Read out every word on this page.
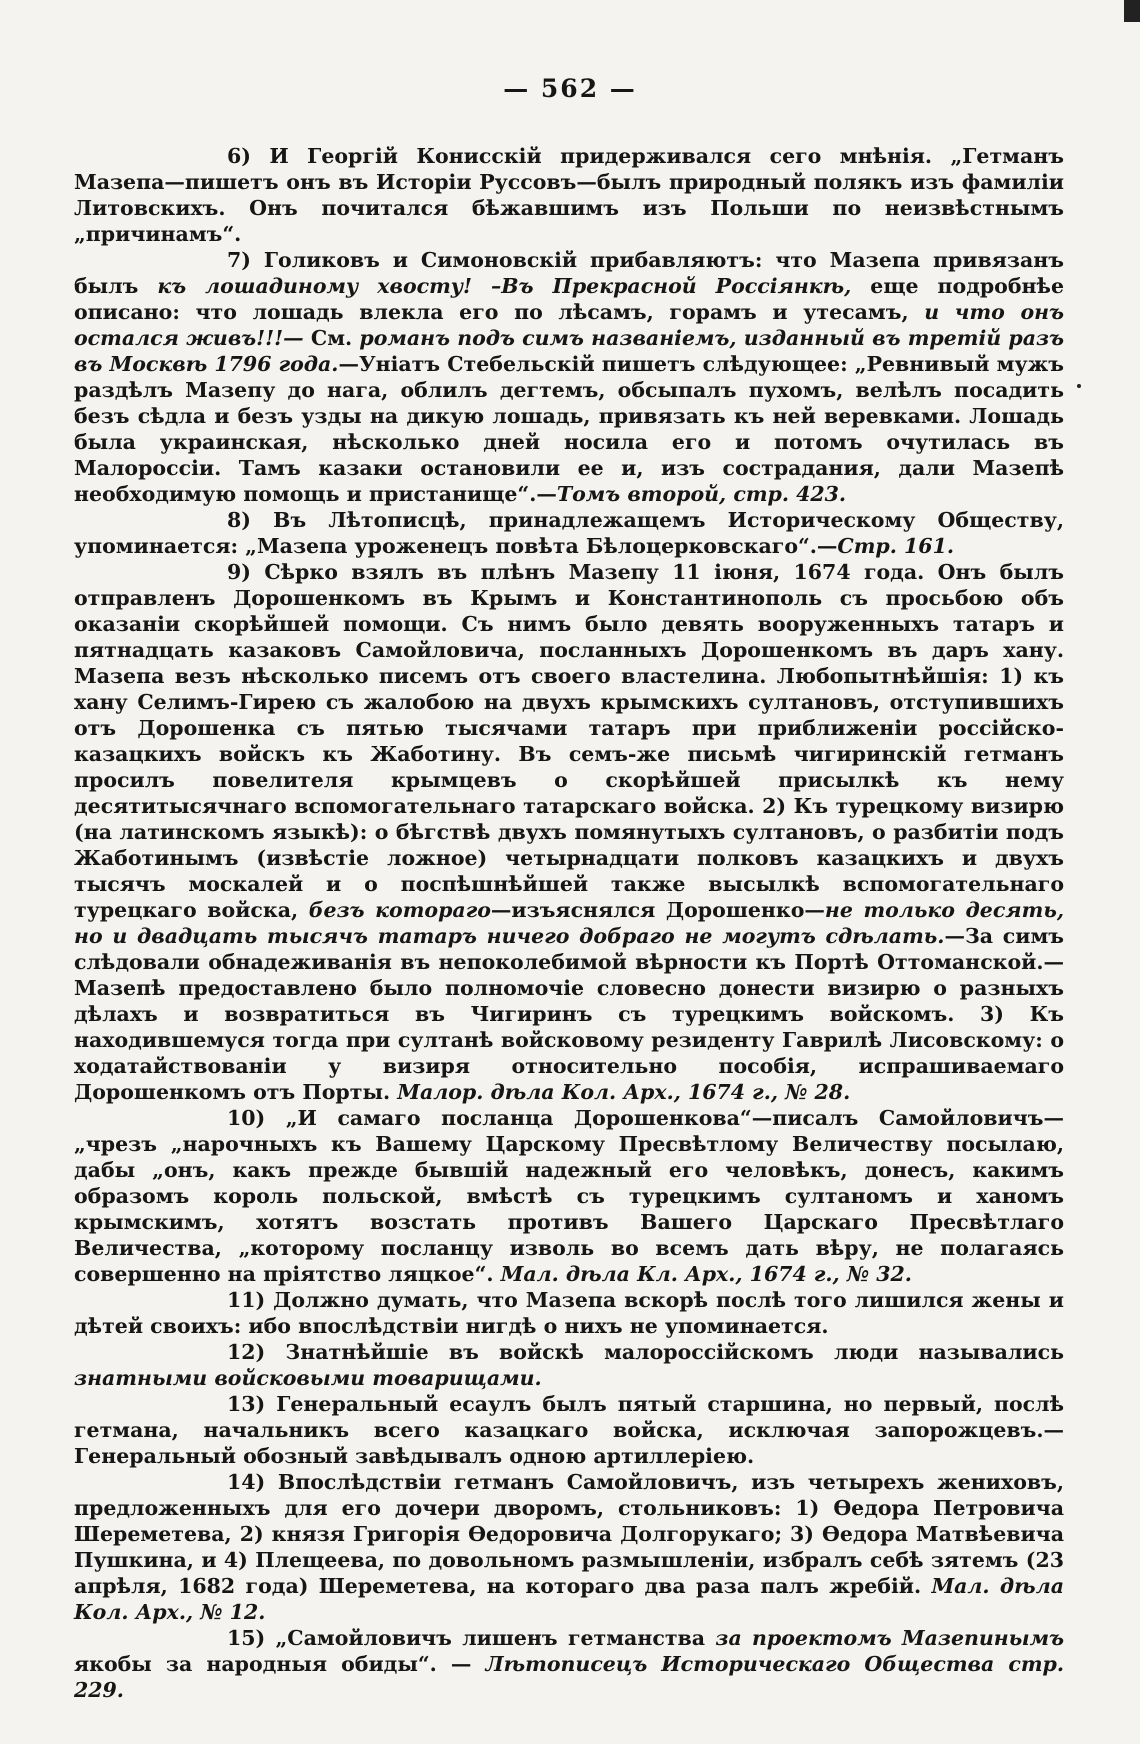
— 562 —

6) И Георгій Конисскій придерживался сего мнѣнія. „Гетманъ Мазепа—пишетъ онъ въ Исторіи Руссовъ—былъ природный полякъ изъ фамиліи Литовскихъ. Онъ почитался бѣжавшимъ изъ Польши по неизвѣстнымъ „причинамъ“.

7) Голиковъ и Симоновскій прибавляютъ: что Мазепа привязанъ былъ къ лошадиному хвосту! –Въ Прекрасной Россіянкѣ, еще подробнѣе описано: что лошадь влекла его по лѣсамъ, горамъ и утесамъ, и что онъ остался живъ!!!— См. романъ подъ симъ названіемъ, изданный въ третій разъ въ Москвѣ 1796 года.—Уніатъ Стебельскій пишетъ слѣдующее: „Ревнивый мужъ раздѣлъ Мазепу до нага, облилъ дегтемъ, обсыпалъ пухомъ, велѣлъ посадить безъ сѣдла и безъ узды на дикую лошадь, привязать къ ней веревками. Лошадь была украинская, нѣсколько дней носила его и потомъ очутилась въ Малороссіи. Тамъ казаки остановили ее и, изъ сострадания, дали Мазепѣ необходимую помощь и пристанище“.—Томъ второй, стр. 423.

8) Въ Лѣтописцѣ, принадлежащемъ Историческому Обществу, упоминается: „Мазепа уроженецъ повѣта Бѣлоцерковскаго“.—Стр. 161.

9) Сѣрко взялъ въ плѣнъ Мазепу 11 іюня, 1674 года. Онъ былъ отправленъ Дорошенкомъ въ Крымъ и Константинополь съ просьбою объ оказаніи скорѣйшей помощи. Съ нимъ было девять вооруженныхъ татаръ и пятнадцать казаковъ Самойловича, посланныхъ Дорошенкомъ въ даръ хану. Мазепа везъ нѣсколько писемъ отъ своего властелина. Любопытнѣйшія: 1) къ хану Селимъ-Гирею съ жалобою на двухъ крымскихъ султановъ, отступившихъ отъ Дорошенка съ пятью тысячами татаръ при приближеніи россійско-казацкихъ войскъ къ Жаботину. Въ семъ-же письмѣ чигиринскій гетманъ просилъ повелителя крымцевъ о скорѣйшей присылкѣ къ нему десятитысячнаго вспомогательнаго татарскаго войска. 2) Къ турецкому визирю (на латинскомъ языкѣ): о бѣгствѣ двухъ помянутыхъ султановъ, о разбитіи подъ Жаботинымъ (извѣстіе ложное) четырнадцати полковъ казацкихъ и двухъ тысячъ москалей и о поспѣшнѣйшей также высылкѣ вспомогательнаго турецкаго войска, безъ котораго—изъяснялся Дорошенко—не только десять, но и двадцать тысячъ татаръ ничего добраго не могутъ сдѣлать.—За симъ слѣдовали обнадеживанія въ непоколебимой вѣрности къ Портѣ Оттоманской.—Мазепѣ предоставлено было полномочіе словесно донести визирю о разныхъ дѣлахъ и возвратиться въ Чигиринъ съ турецкимъ войскомъ. 3) Къ находившемуся тогда при султанѣ войсковому резиденту Гаврилѣ Лисовскому: о ходатайствованіи у визиря относительно пособія, испрашиваемаго Дорошенкомъ отъ Порты. Малор. дѣла Кол. Арх., 1674 г., № 28.

10) „И самаго посланца Дорошенкова“—писалъ Самойловичъ—„чрезъ „нарочныхъ къ Вашему Царскому Пресвѣтлому Величеству посылаю, дабы „онъ, какъ прежде бывшій надежный его человѣкъ, донесъ, какимъ образомъ король польской, вмѣстѣ съ турецкимъ султаномъ и ханомъ крымскимъ, хотятъ возстать противъ Вашего Царскаго Пресвѣтлаго Величества, „которому посланцу изволь во всемъ дать вѣру, не полагаясь совершенно на пріятство ляцкое“. Мал. дѣла Кл. Арх., 1674 г., № 32.

11) Должно думать, что Мазепа вскорѣ послѣ того лишился жены и дѣтей своихъ: ибо впослѣдствіи нигдѣ о нихъ не упоминается.

12) Знатнѣйшіе въ войскѣ малороссійскомъ люди назывались знатными войсковыми товарищами.

13) Генеральный есаулъ былъ пятый старшина, но первый, послѣ гетмана, начальникъ всего казацкаго войска, исключая запорожцевъ.—Генеральный обозный завѣдывалъ одною артиллеріею.

14) Впослѣдствіи гетманъ Самойловичъ, изъ четырехъ жениховъ, предложенныхъ для его дочери дворомъ, стольниковъ: 1) Өедора Петровича Шереметева, 2) князя Григорія Өедоровича Долгорукаго; 3) Өедора Матвѣевича Пушкина, и 4) Плещеева, по довольномъ размышленіи, избралъ себѣ зятемъ (23 апрѣля, 1682 года) Шереметева, на котораго два раза палъ жребій. Мал. дѣла Кол. Арх., № 12.

15) „Самойловичъ лишенъ гетманства за проектомъ Мазепинымъ якобы за народныя обиды“. — Лѣтописецъ Историческаго Общества стр. 229.
